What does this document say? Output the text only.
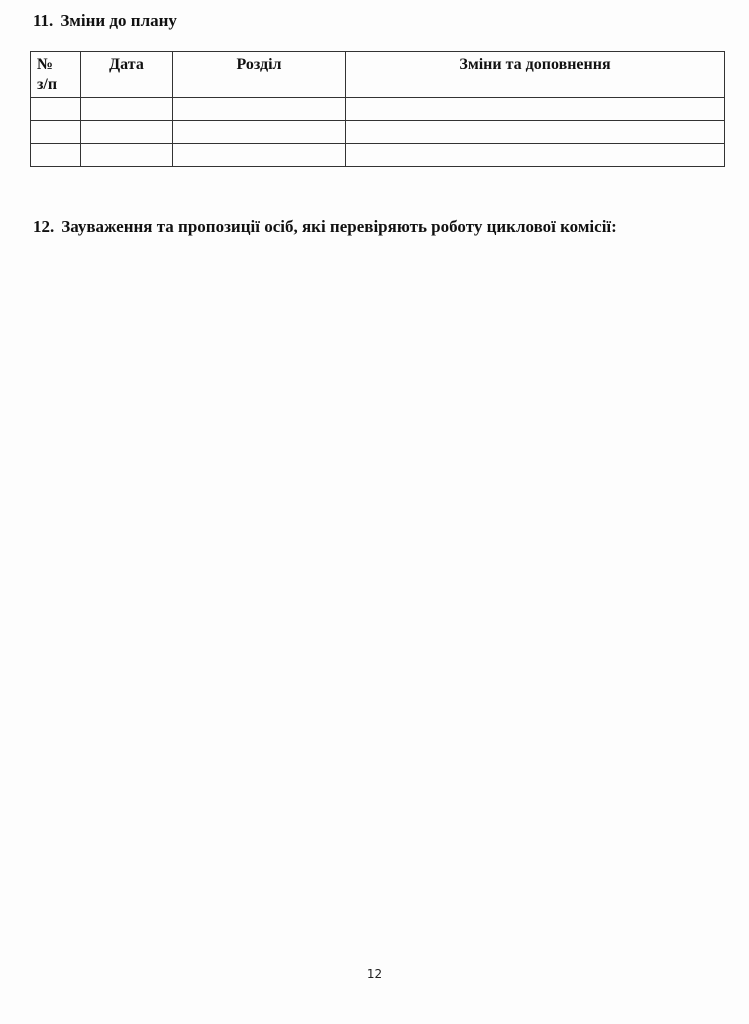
11. Зміни до плану
№
з/п	Дата	Розділ	Зміни та доповнення

12. Зауваження та пропозиції осіб, які перевіряють роботу циклової комісії:
12
